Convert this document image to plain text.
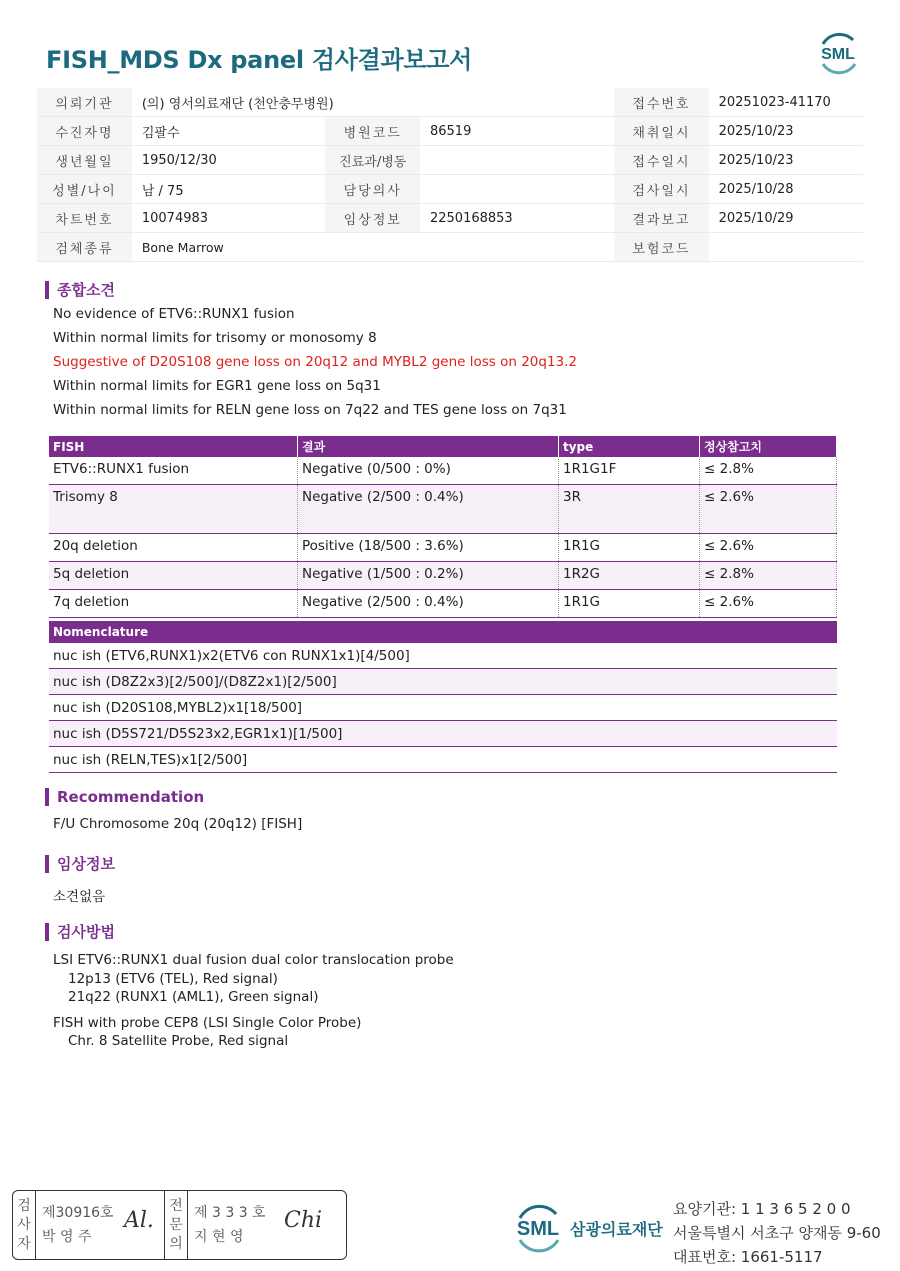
FISH_MDS Dx panel 검사결과보고서	SML
의뢰기관	(의) 영서의료재단 (천안충무병원)			접수번호	20251023-41170
수진자명	김팔수	병원코드	86519	채취일시	2025/10/23
생년월일	1950/12/30	진료과/병동		접수일시	2025/10/23
성별/나이	남 / 75	담당의사		검사일시	2025/10/28
차트번호	10074983	임상정보	2250168853	결과보고	2025/10/29
검체종류	Bone Marrow			보험코드	
종합소견
No evidence of ETV6::RUNX1 fusion
Within normal limits for trisomy or monosomy 8
Suggestive of D20S108 gene loss on 20q12 and MYBL2 gene loss on 20q13.2
Within normal limits for EGR1 gene loss on 5q31
Within normal limits for RELN gene loss on 7q22 and TES gene loss on 7q31
FISH	결과	type	정상참고치
ETV6::RUNX1 fusion	Negative (0/500 : 0%)	1R1G1F	≤ 2.8%
Trisomy 8	Negative (2/500 : 0.4%)	3R	≤ 2.6%
20q deletion	Positive (18/500 : 3.6%)	1R1G	≤ 2.6%
5q deletion	Negative (1/500 : 0.2%)	1R2G	≤ 2.8%
7q deletion	Negative (2/500 : 0.4%)	1R1G	≤ 2.6%
Nomenclature
nuc ish (ETV6,RUNX1)x2(ETV6 con RUNX1x1)[4/500]
nuc ish (D8Z2x3)[2/500]/(D8Z2x1)[2/500]
nuc ish (D20S108,MYBL2)x1[18/500]
nuc ish (D5S721/D5S23x2,EGR1x1)[1/500]
nuc ish (RELN,TES)x1[2/500]
Recommendation
F/U Chromosome 20q (20q12) [FISH]
임상정보
소견없음
검사방법
LSI ETV6::RUNX1 dual fusion dual color translocation probe
12p13 (ETV6 (TEL), Red signal)
21q22 (RUNX1 (AML1), Green signal)
FISH with probe CEP8 (LSI Single Color Probe)
Chr. 8 Satellite Probe, Red signal
검사자
제30916호
박 영 주
Al.
전문의
제 3 3 3 호
지 현 영
Chi	SML 삼광의료재단
요양기관: 1 1 3 6 5 2 0 0
서울특별시 서초구 양재동 9-60
대표번호: 1661-5117
